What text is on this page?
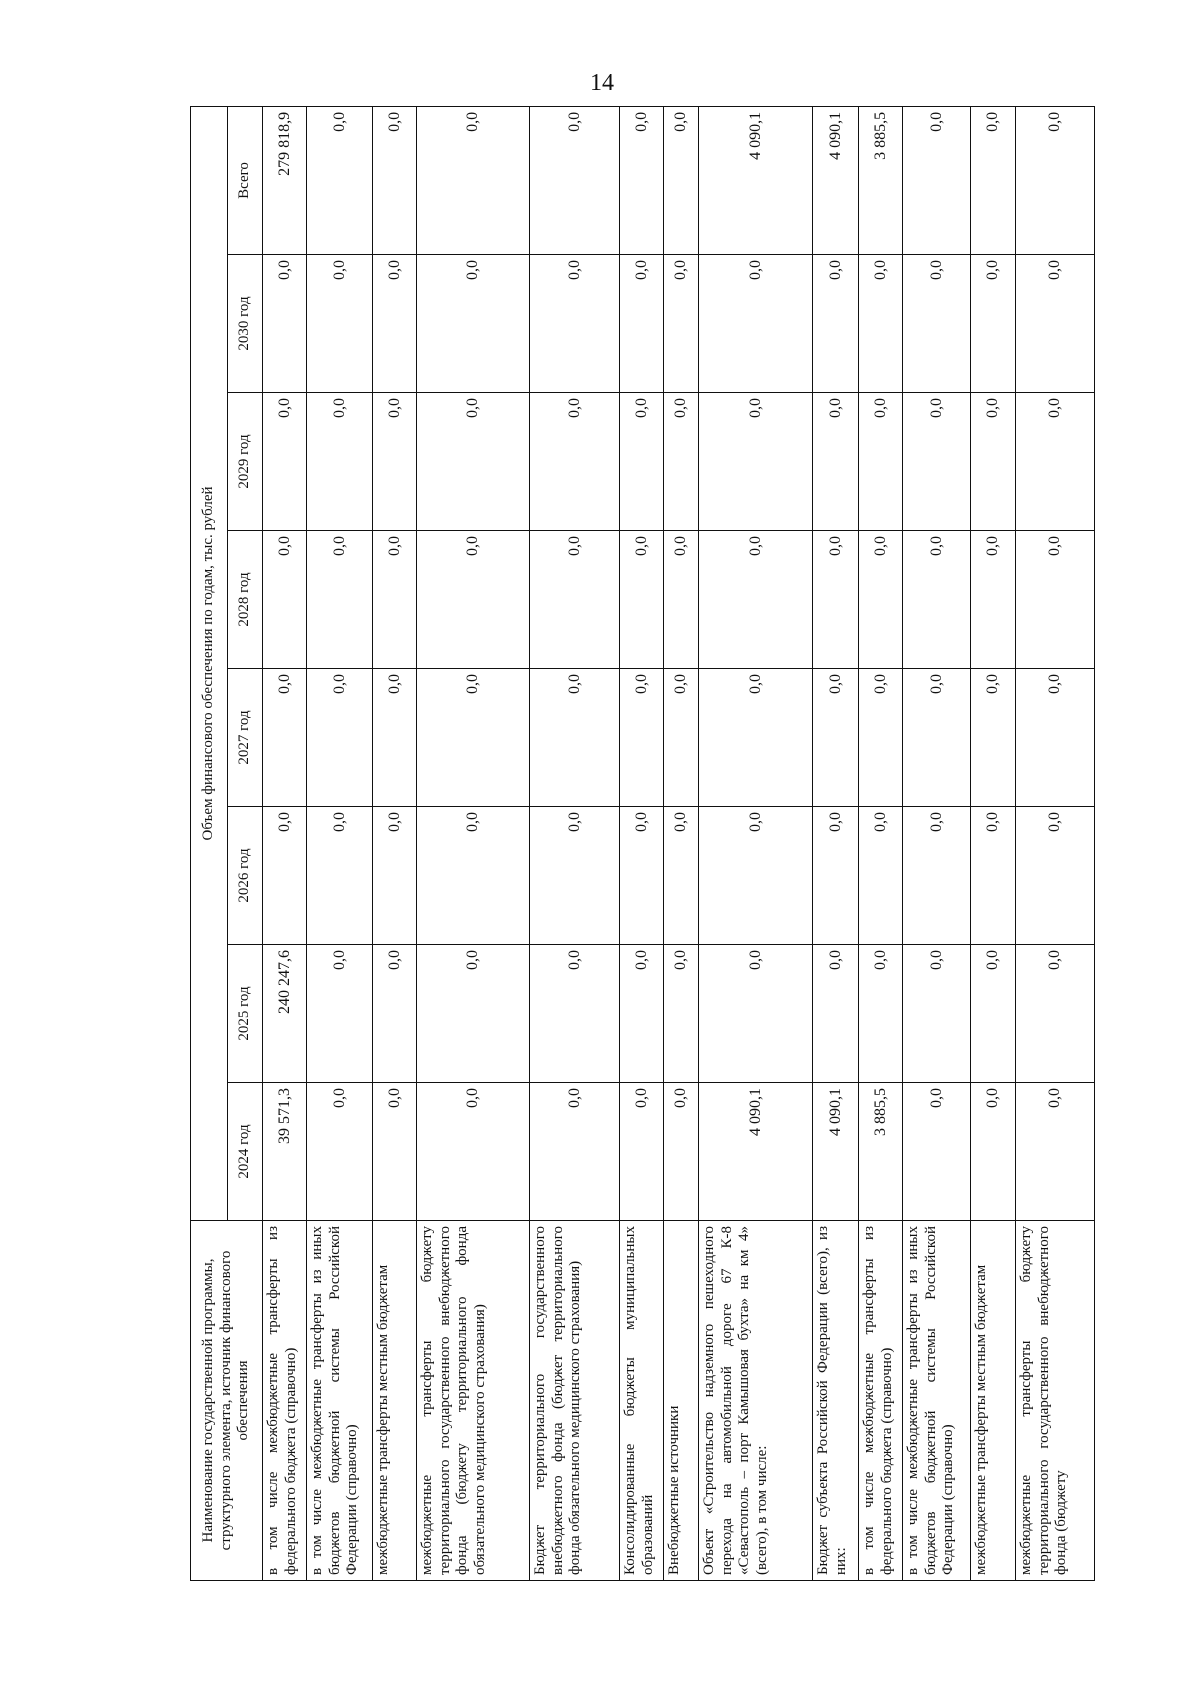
14
Наименование государственной программы, структурного элемента, источник финансового обеспечения	Объем финансового обеспечения по годам, тыс. рублей							
	2024 год	2025 год	2026 год	2027 год	2028 год	2029 год	2030 год	Всего
в том числе межбюджетные трансферты из федерального бюджета (справочно)	39 571,3	240 247,6	0,0	0,0	0,0	0,0	0,0	279 818,9
в том числе межбюджетные трансферты из иных бюджетов бюджетной системы Российской Федерации (справочно)	0,0	0,0	0,0	0,0	0,0	0,0	0,0	0,0
межбюджетные трансферты местным бюджетам	0,0	0,0	0,0	0,0	0,0	0,0	0,0	0,0
межбюджетные трансферты бюджету территориального государственного внебюджетного фонда (бюджету территориального фонда обязательного медицинского страхования)	0,0	0,0	0,0	0,0	0,0	0,0	0,0	0,0
Бюджет территориального государственного внебюджетного фонда (бюджет территориального фонда обязательного медицинского страхования)	0,0	0,0	0,0	0,0	0,0	0,0	0,0	0,0
Консолидированные бюджеты муниципальных образований	0,0	0,0	0,0	0,0	0,0	0,0	0,0	0,0
Внебюджетные источники	0,0	0,0	0,0	0,0	0,0	0,0	0,0	0,0
Объект «Строительство надземного пешеходного перехода на автомобильной дороге 67 К-8 «Севастополь – порт Камышовая бухта» на км 4» (всего), в том числе:	4 090,1	0,0	0,0	0,0	0,0	0,0	0,0	4 090,1
Бюджет субъекта Российской Федерации (всего), из них:	4 090,1	0,0	0,0	0,0	0,0	0,0	0,0	4 090,1
в том числе межбюджетные трансферты из федерального бюджета (справочно)	3 885,5	0,0	0,0	0,0	0,0	0,0	0,0	3 885,5
в том числе межбюджетные трансферты из иных бюджетов бюджетной системы Российской Федерации (справочно)	0,0	0,0	0,0	0,0	0,0	0,0	0,0	0,0
межбюджетные трансферты местным бюджетам	0,0	0,0	0,0	0,0	0,0	0,0	0,0	0,0
межбюджетные трансферты бюджету территориального государственного внебюджетного фонда (бюджету	0,0	0,0	0,0	0,0	0,0	0,0	0,0	0,0
